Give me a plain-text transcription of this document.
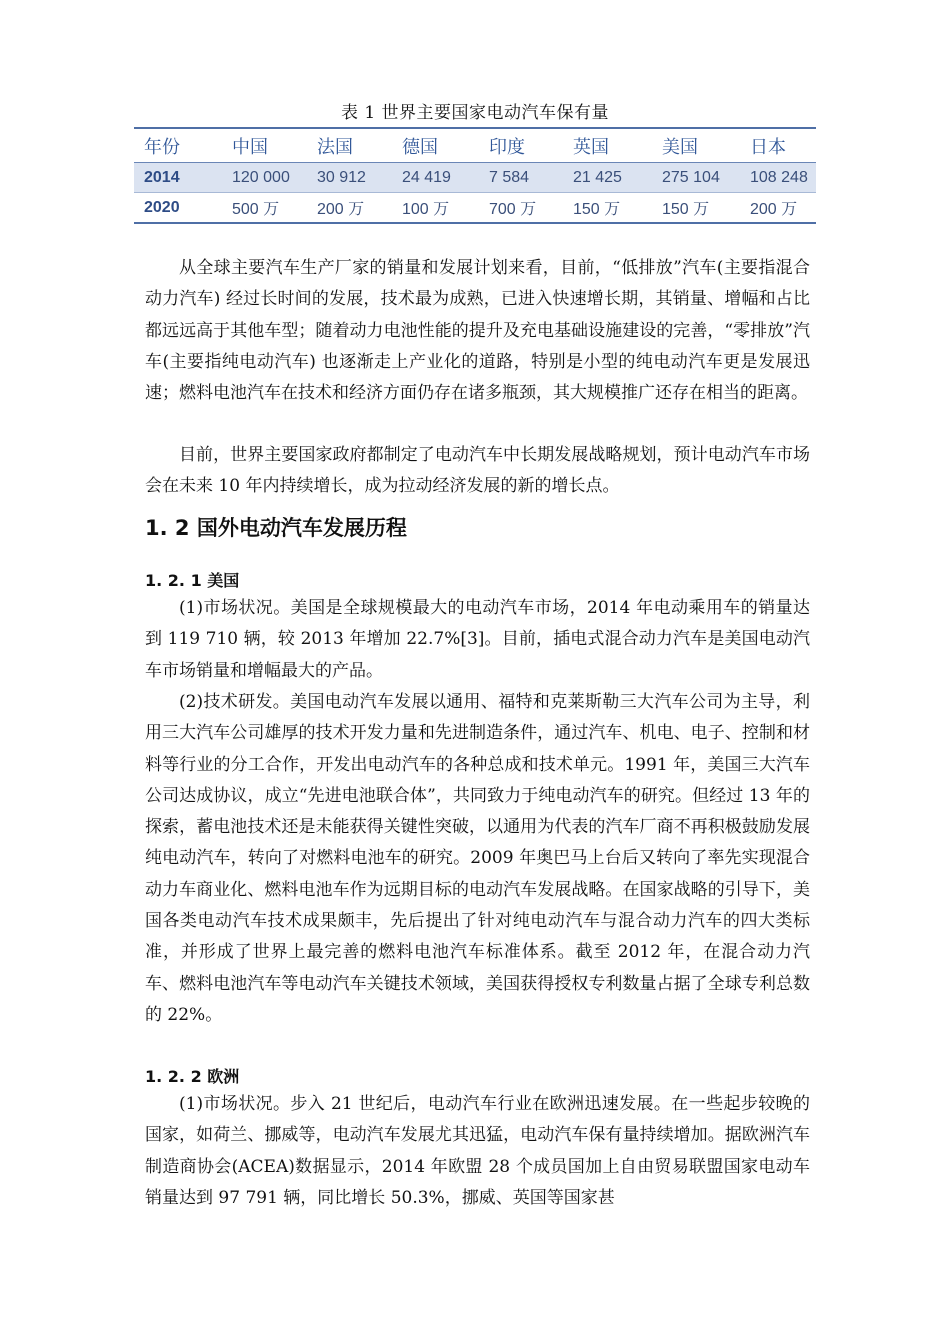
表 1 世界主要国家电动汽车保有量
年份	中国	法国	德国	印度	英国	美国	日本
2014	120 000	30 912	24 419	7 584	21 425	275 104	108 248
2020	500 万	200 万	100 万	700 万	150 万	150 万	200 万

从全球主要汽车生产厂家的销量和发展计划来看，目前，“低排放”汽车(主要指混合动力汽车) 经过长时间的发展，技术最为成熟，已进入快速增长期，其销量、增幅和占比都远远高于其他车型；随着动力电池性能的提升及充电基础设施建设的完善，“零排放”汽车(主要指纯电动汽车) 也逐渐走上产业化的道路，特别是小型的纯电动汽车更是发展迅速；燃料电池汽车在技术和经济方面仍存在诸多瓶颈，其大规模推广还存在相当的距离。

目前，世界主要国家政府都制定了电动汽车中长期发展战略规划，预计电动汽车市场会在未来 10 年内持续增长，成为拉动经济发展的新的增长点。

1. 2 国外电动汽车发展历程
1. 2. 1 美国

(1)市场状况。美国是全球规模最大的电动汽车市场，2014 年电动乘用车的销量达到 119 710 辆，较 2013 年增加 22.7%[3]。目前，插电式混合动力汽车是美国电动汽车市场销量和增幅最大的产品。

(2)技术研发。美国电动汽车发展以通用、福特和克莱斯勒三大汽车公司为主导，利用三大汽车公司雄厚的技术开发力量和先进制造条件，通过汽车、机电、电子、控制和材料等行业的分工合作，开发出电动汽车的各种总成和技术单元。1991 年，美国三大汽车公司达成协议，成立“先进电池联合体”，共同致力于纯电动汽车的研究。但经过 13 年的探索，蓄电池技术还是未能获得关键性突破，以通用为代表的汽车厂商不再积极鼓励发展纯电动汽车，转向了对燃料电池车的研究。2009 年奥巴马上台后又转向了率先实现混合动力车商业化、燃料电池车作为远期目标的电动汽车发展战略。在国家战略的引导下，美国各类电动汽车技术成果颇丰，先后提出了针对纯电动汽车与混合动力汽车的四大类标准，并形成了世界上最完善的燃料电池汽车标准体系。截至 2012 年，在混合动力汽车、燃料电池汽车等电动汽车关键技术领域，美国获得授权专利数量占据了全球专利总数的 22%。

1. 2. 2 欧洲

(1)市场状况。步入 21 世纪后，电动汽车行业在欧洲迅速发展。在一些起步较晚的国家，如荷兰、挪威等，电动汽车发展尤其迅猛，电动汽车保有量持续增加。据欧洲汽车制造商协会(ACEA)数据显示，2014 年欧盟 28 个成员国加上自由贸易联盟国家电动车销量达到 97 791 辆，同比增长 50.3%，挪威、英国等国家甚
